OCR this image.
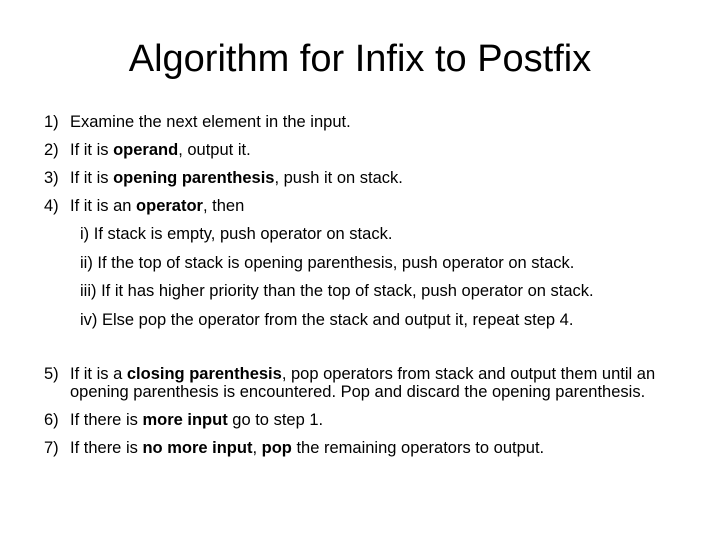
Algorithm for Infix to Postfix
1) Examine the next element in the input.
2) If it is operand, output it.
3) If it is opening parenthesis, push it on stack.
4) If it is an operator, then
i) If stack is empty, push operator on stack.
ii) If the top of stack is opening parenthesis, push operator on stack.
iii) If it has higher priority than the top of stack, push operator on stack.
iv) Else pop the operator from the stack and output it, repeat step 4.
5) If it is a closing parenthesis, pop operators from stack and output them until an opening parenthesis is encountered. Pop and discard the opening parenthesis.
6) If there is more input go to step 1.
7) If there is no more input, pop the remaining operators to output.
